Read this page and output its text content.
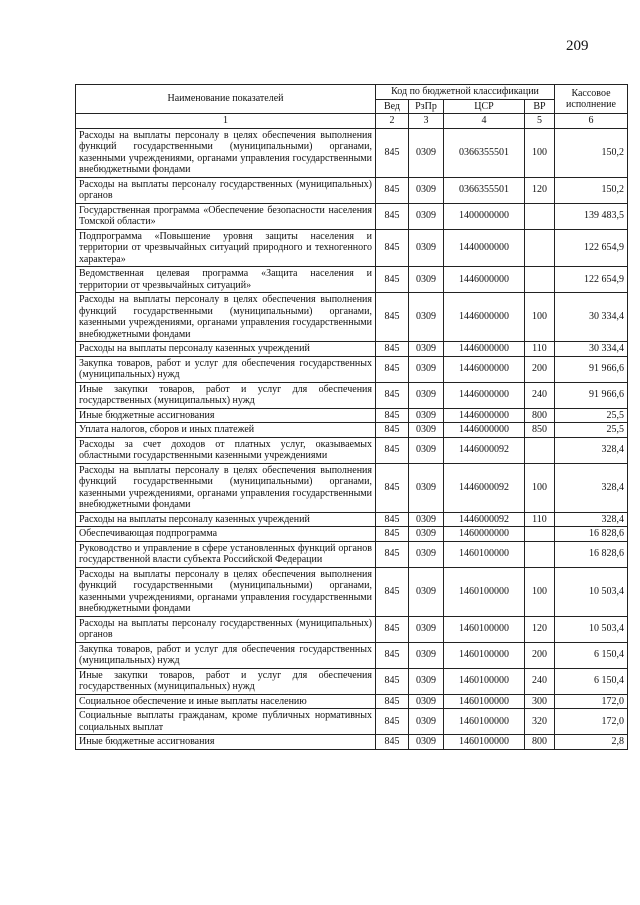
209
Наименование показателей	Код по бюджетной классификации				Кассовое исполнение
	Вед	РзПр	ЦСР	ВР	
1	2	3	4	5	6
Расходы на выплаты персоналу в целях обеспечения выполнения функций государственными (муниципальными) органами, казенными учреждениями, органами управления государственными внебюджетными фондами	845	0309	0366355501	100	150,2
Расходы на выплаты персоналу государственных (муниципальных) органов	845	0309	0366355501	120	150,2
Государственная программа «Обеспечение безопасности населения Томской области»	845	0309	1400000000		139 483,5
Подпрограмма «Повышение уровня защиты населения и территории от чрезвычайных ситуаций природного и техногенного характера»	845	0309	1440000000		122 654,9
Ведомственная целевая программа «Защита населения и территории от чрезвычайных ситуаций»	845	0309	1446000000		122 654,9
Расходы на выплаты персоналу в целях обеспечения выполнения функций государственными (муниципальными) органами, казенными учреждениями, органами управления государственными внебюджетными фондами	845	0309	1446000000	100	30 334,4
Расходы на выплаты персоналу казенных учреждений	845	0309	1446000000	110	30 334,4
Закупка товаров, работ и услуг для обеспечения государственных (муниципальных) нужд	845	0309	1446000000	200	91 966,6
Иные закупки товаров, работ и услуг для обеспечения государственных (муниципальных) нужд	845	0309	1446000000	240	91 966,6
Иные бюджетные ассигнования	845	0309	1446000000	800	25,5
Уплата налогов, сборов и иных платежей	845	0309	1446000000	850	25,5
Расходы за счет доходов от платных услуг, оказываемых областными государственными казенными учреждениями	845	0309	1446000092		328,4
Расходы на выплаты персоналу в целях обеспечения выполнения функций государственными (муниципальными) органами, казенными учреждениями, органами управления государственными внебюджетными фондами	845	0309	1446000092	100	328,4
Расходы на выплаты персоналу казенных учреждений	845	0309	1446000092	110	328,4
Обеспечивающая подпрограмма	845	0309	1460000000		16 828,6
Руководство и управление в сфере установленных функций органов государственной власти субъекта Российской Федерации	845	0309	1460100000		16 828,6
Расходы на выплаты персоналу в целях обеспечения выполнения функций государственными (муниципальными) органами, казенными учреждениями, органами управления государственными внебюджетными фондами	845	0309	1460100000	100	10 503,4
Расходы на выплаты персоналу государственных (муниципальных) органов	845	0309	1460100000	120	10 503,4
Закупка товаров, работ и услуг для обеспечения государственных (муниципальных) нужд	845	0309	1460100000	200	6 150,4
Иные закупки товаров, работ и услуг для обеспечения государственных (муниципальных) нужд	845	0309	1460100000	240	6 150,4
Социальное обеспечение и иные выплаты населению	845	0309	1460100000	300	172,0
Социальные выплаты гражданам, кроме публичных нормативных социальных выплат	845	0309	1460100000	320	172,0
Иные бюджетные ассигнования	845	0309	1460100000	800	2,8
